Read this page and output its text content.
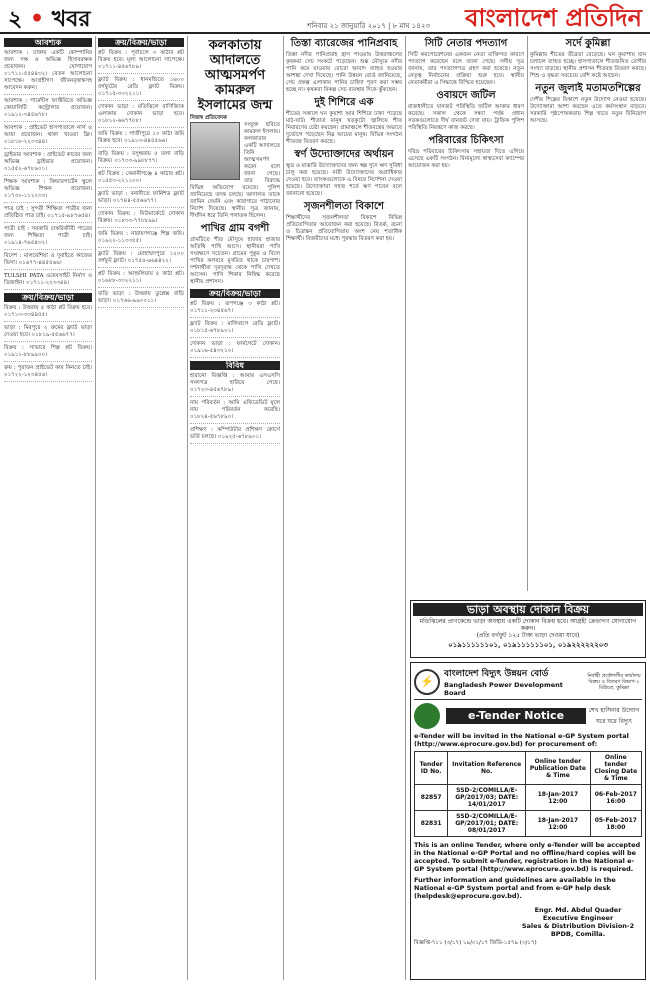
২ • খবর	শনিবার ২১ জানুয়ারি ২০১৭ | ৮ মাঘ ১৪২৩ বাংলাদেশ প্রতিদিন
আবশ্যক

আবশ্যক : ঢাকায় একটি কোম্পানির জন্য দক্ষ ও অভিজ্ঞ হিসাবরক্ষক প্রয়োজন। যোগাযোগ ০১৭১১-৫৫৪৪৩২। বেতন আলোচনা সাপেক্ষে। আগ্রহীগণ জীবনবৃত্তান্তসহ আবেদন করুন।

আবশ্যক : গার্মেন্টস ফ্যাক্টরিতে অভিজ্ঞ কোয়ালিটি কন্ট্রোলার প্রয়োজন। ০১৯১২-৩৪৫৬৭৮।

আবশ্যক : প্রাইভেট হাসপাতালে নার্স ও আয়া প্রয়োজন। থাকা খাওয়া ফ্রি। ০১৮১৮-২২৩৩৪৪।

ড্রাইভার আবশ্যক : প্রাইভেট কারের জন্য অভিজ্ঞ ড্রাইভার প্রয়োজন। ০১৫৫২-৬৭৮৯০১।

শিক্ষক আবশ্যক : কিন্ডারগার্টেন স্কুলে অভিজ্ঞ শিক্ষক প্রয়োজন। ০১৭৩০-১১২২৩৩।

পাত্র চাই : সুন্দরী শিক্ষিতা পাত্রীর জন্য প্রতিষ্ঠিত পাত্র চাই। ০১৭১৫-৯৮৭৬৫৪।

পাত্রী চাই : সরকারি চাকরিজীবী পাত্রের জন্য শিক্ষিতা পাত্রী চাই। ০১৯১৪-৭৬৫৪৩২।

বিদেশ : মালয়েশিয়া ও দুবাইতে কাজের ভিসা। ০১৬৭৭-৪৪৫৫৬৬।

TULSHI PATA ওয়েবসাইট নির্মাণ ও ডিজাইন। ০১৭১১-২২৩৩৪৪।

ক্রয়/বিক্রয়/ভাড়া

বিক্রয় : উত্তরায় ৫ কাঠা প্লট বিক্রয় হবে। ০১৭১৩-৩৩৪৪৫৫।

ভাড়া : মিরপুরে ২ রুমের ফ্ল্যাট ভাড়া দেওয়া হবে। ০১৮১৯-৫৫৬৬৭৭।

বিক্রয় : সাভারে শিল্প প্লট বিক্রয়। ০১৯১১-৮৮৯৯০০।

ক্রয় : পুরাতন প্রাইভেট কার কিনতে চাই। ০১৭২২-১২৩৪৫৬।

ক্রয়/বিক্রয়/ভাড়া

প্লট বিক্রয় : পূর্বাচলে ৩ কাঠার প্লট বিক্রয় হবে। মূল্য আলোচনা সাপেক্ষে। ০১৭১১-৪৫৬৭৮৯।

ফ্ল্যাট বিক্রয় : ধানমন্ডিতে ১৬০০ বর্গফুটের রেডি ফ্ল্যাট বিক্রয়। ০১৭১৫-৩৩২২১১।

দোকান ভাড়া : মতিঝিলে বাণিজ্যিক এলাকায় দোকান ভাড়া হবে। ০১৮১২-৬৬৭৭৮৮।

জমি বিক্রয় : গাজীপুরে ১০ কাঠা জমি বিক্রয় হবে। ০১৯১৩-৪৪৫৫৬৬।

বাড়ি বিক্রয় : বসুন্ধরায় ৫ তলা বাড়ি বিক্রয়। ০১৭৩৩-৯৯৮৮৭৭।

প্লট বিক্রয় : কেরানীগঞ্জে ৪ কাঠার প্লট। ০১৫৫৩-২২১১০০।

ফ্ল্যাট ভাড়া : বনানীতে ফার্নিশড ফ্ল্যাট ভাড়া। ০১৭৪৪-৫৫৬৬৭৭।

দোকান বিক্রয় : নিউমার্কেটে দোকান বিক্রয়। ০১৮৩৩-৭৭৮৮৯৯।

জমি বিক্রয় : নারায়ণগঞ্জে শিল্প জমি। ০১৯২২-১১৩৩৫৫।

ফ্ল্যাট বিক্রয় : মোহাম্মদপুরে ১২০০ বর্গফুট ফ্ল্যাট। ০১৭৫৫-৬৬৪৪২২।

প্লট বিক্রয় : আশুলিয়ায় ৫ কাঠা প্লট। ০১৬৮৮-৩৩২২১১।

বাড়ি ভাড়া : উত্তরায় ডুপ্লেক্স বাড়ি ভাড়া। ০১৭৬৬-৯৯০০১১।

কলকাতায় আদালতে আত্মসমর্পণ কামরুল ইসলামের জন্ম
নিজস্ব প্রতিবেদক

সংযুক্ত ছবিতে কামরুল ইসলাম। কলকাতার একটি আদালতে তিনি আত্মসমর্পণ করেন বলে জানা গেছে। তার বিরুদ্ধে বিভিন্ন অভিযোগ রয়েছে। পুলিশ জানিয়েছে তদন্ত চলছে। আদালত তাকে জামিন দেয়নি এবং কারাগারে পাঠানোর নির্দেশ দিয়েছে। স্থানীয় সূত্র জানায়, দীর্ঘদিন ধরে তিনি পলাতক ছিলেন।

পাখির গ্রাম বগশী

গ্রামটিতে শীত মৌসুমে হাজার হাজার অতিথি পাখি আসে। স্থানীয়রা পাখি সংরক্ষণে সচেতন। গ্রামের পুকুর ও বিলে পাখির কলরবে মুখরিত থাকে চারপাশ। দর্শনার্থীরা দূরদূরান্ত থেকে পাখি দেখতে আসেন। পাখি শিকার নিষিদ্ধ করেছে স্থানীয় প্রশাসন।

ক্রয়/বিক্রয়/ভাড়া

প্লট বিক্রয় : রূপগঞ্জে ৩ কাঠা প্লট। ০১৭১১-২৩৪৫৬৭।

ফ্ল্যাট বিক্রয় : মালিবাগে রেডি ফ্ল্যাট। ০১৮১৫-৬৭৮৯০১।

দোকান ভাড়া : ফার্মগেটে দোকান। ০১৯১৬-৫৪৩২১০।

বিবিধ

হারানো বিজ্ঞপ্তি : আমার এসএসসি সনদপত্র হারিয়ে গেছে। ০১৭২৩-৪৫৬৭৮৯।

নাম পরিবর্তন : আমি এফিডেভিট মূলে নাম পরিবর্তন করেছি। ০১৮২৪-৫৬৭৮৯০।

প্রশিক্ষণ : কম্পিউটার প্রশিক্ষণ কোর্সে ভর্তি চলছে। ০১৯২৫-৬৭৮৯০১।

তিস্তা ব্যারেজের পানিপ্রবাহ

তিস্তা নদীর পানিপ্রবাহ হ্রাস পাওয়ায় উত্তরাঞ্চলের কৃষকরা সেচ সংকটে পড়েছেন। শুষ্ক মৌসুমে নদীর পানি কমে যাওয়ায় বোরো আবাদ ব্যাহত হওয়ার আশঙ্কা দেখা দিয়েছে। পানি উন্নয়ন বোর্ড জানিয়েছে, সেচ প্রকল্প এলাকায় পানির চাহিদা পূরণ করা সম্ভব হচ্ছে না। কৃষকরা বিকল্প সেচ ব্যবস্থার দিকে ঝুঁকছেন।

দুই শিশিরে এক

শীতের সকালে ঘন কুয়াশা আর শিশিরে ঢাকা পড়েছে মাঠ-ঘাট। শীতার্ত মানুষ খড়কুটো জ্বালিয়ে শীত নিবারণের চেষ্টা করছেন। গ্রামাঞ্চলে শীতবস্ত্রের অভাবে দুর্ভোগে পড়েছেন নিম্ন আয়ের মানুষ। বিভিন্ন সংগঠন শীতবস্ত্র বিতরণ করছে।

স্বর্ণ উদ্যোক্তাদের অর্থায়ন

ক্ষুদ্র ও মাঝারি উদ্যোক্তাদের জন্য স্বল্প সুদে ঋণ সুবিধা চালু করা হয়েছে। নারী উদ্যোক্তাদের অগ্রাধিকার দেওয়া হবে। ব্যাংকগুলোকে এ বিষয়ে নির্দেশনা দেওয়া হয়েছে। উদ্যোক্তারা সহজ শর্তে ঋণ পাবেন বলে জানানো হয়েছে।

সৃজনশীলতা বিকাশে

শিক্ষার্থীদের সৃজনশীলতা বিকাশে বিভিন্ন প্রতিযোগিতার আয়োজন করা হয়েছে। বিতর্ক, রচনা ও চিত্রাঙ্কন প্রতিযোগিতায় অংশ নেয় শতাধিক শিক্ষার্থী। বিজয়ীদের মধ্যে পুরস্কার বিতরণ করা হয়।

সিটি নেতার পদত্যাগ

সিটি করপোরেশনের একজন নেতা ব্যক্তিগত কারণে পদত্যাগ করেছেন বলে জানা গেছে। দলীয় সূত্র জানায়, তার পদত্যাগপত্র গ্রহণ করা হয়েছে। নতুন নেতৃত্ব নির্বাচনের প্রক্রিয়া শুরু হবে। স্থানীয় নেতাকর্মীরা এ সিদ্ধান্তে বিস্মিত হয়েছেন।

ওবায়দে জটিল

রাজধানীতে যানজট পরিস্থিতি জটিল আকার ধারণ করেছে। সকাল থেকে সন্ধ্যা পর্যন্ত প্রধান সড়কগুলোতে দীর্ঘ যানজট দেখা যায়। ট্রাফিক পুলিশ পরিস্থিতি নিয়ন্ত্রণে কাজ করছে।

পরিবারের চিকিৎসা

দরিদ্র পরিবারের চিকিৎসায় সহায়তা দিতে এগিয়ে এসেছে একটি সংগঠন। বিনামূল্যে স্বাস্থ্যসেবা ক্যাম্পের আয়োজন করা হয়।

সর্দে কুমিল্লা

কুমিল্লায় শীতের তীব্রতা বেড়েছে। ঘন কুয়াশায় যান চলাচল ব্যাহত হচ্ছে। হাসপাতালে শীতজনিত রোগীর সংখ্যা বাড়ছে। স্থানীয় প্রশাসন শীতবস্ত্র বিতরণ করছে। শিশু ও বৃদ্ধরা সবচেয়ে বেশি কষ্টে আছেন।

নতুন জুলাই মতামতশিল্পের

দেশীয় শিল্পের বিকাশে নতুন উদ্যোগ নেওয়া হয়েছে। উদ্যোক্তারা আশা করছেন এতে কর্মসংস্থান বাড়বে। সরকারি পৃষ্ঠপোষকতায় শিল্প খাতে নতুন বিনিয়োগ আসছে।

ভাড়া অবস্থায় দোকান বিক্রয়
মতিঝিলের প্রাণকেন্দ্রে ভাড়া অবস্থায় একটি দোকান বিক্রয় হবে। আগ্রহী ক্রেতাগণ যোগাযোগ করুন।
(প্রতি বর্গফুট ১২৫ টাকা ভাড়া দেওয়া যাবে)
০১৯১১১১১১০১, ০১৯১১১১১১০১, ০১৯২২২২২২০৩
⚡
বাংলাদেশ বিদ্যুৎ উন্নয়ন বোর্ড
Bangladesh Power Development Board
নির্বাহী প্রকৌশলীর কার্যালয় বিক্রয় ও বিতরণ বিভাগ-২ বিউবো, কুমিল্লা
e-Tender Notice	শেখ হাসিনার উদ্যোগ ঘরে ঘরে বিদ্যুৎ
e-Tender will be invited in the National e-GP System portal (http://www.eprocure.gov.bd) for procurement of:
Tender ID No.	Invitation Reference No.	Online tender Publication Date & Time	Online tender Closing Date & Time
82857	SSD-2/COMILLA/E-GP/2017/03; DATE: 14/01/2017	18-Jan-2017 12:00	06-Feb-2017 16:00
82831	SSD-2/COMILLA/E-GP/2017/01; DATE: 08/01/2017	18-Jan-2017 12:00	05-Feb-2017 18:00
This is an online Tender, where only e-Tender will be accepted in the National e-GP Portal and no offline/hard copies will be accepted. To submit e-Tender, registration in the National e-GP System portal (http://www.eprocure.gov.bd) is required.
Further information and guidelines are available in the National e-GP System portal and from e-GP help desk (helpdesk@eprocure.gov.bd).
Engr. Md. Abdul Quader
Executive Engineer
Sales & Distribution Division-2
BPDB, Comilla.
বিজ্ঞপ্তি-৭১১ (৩/১৭) ১৯/০১/১৭ জিডি-১৫৭৯ (৩/১৭)
